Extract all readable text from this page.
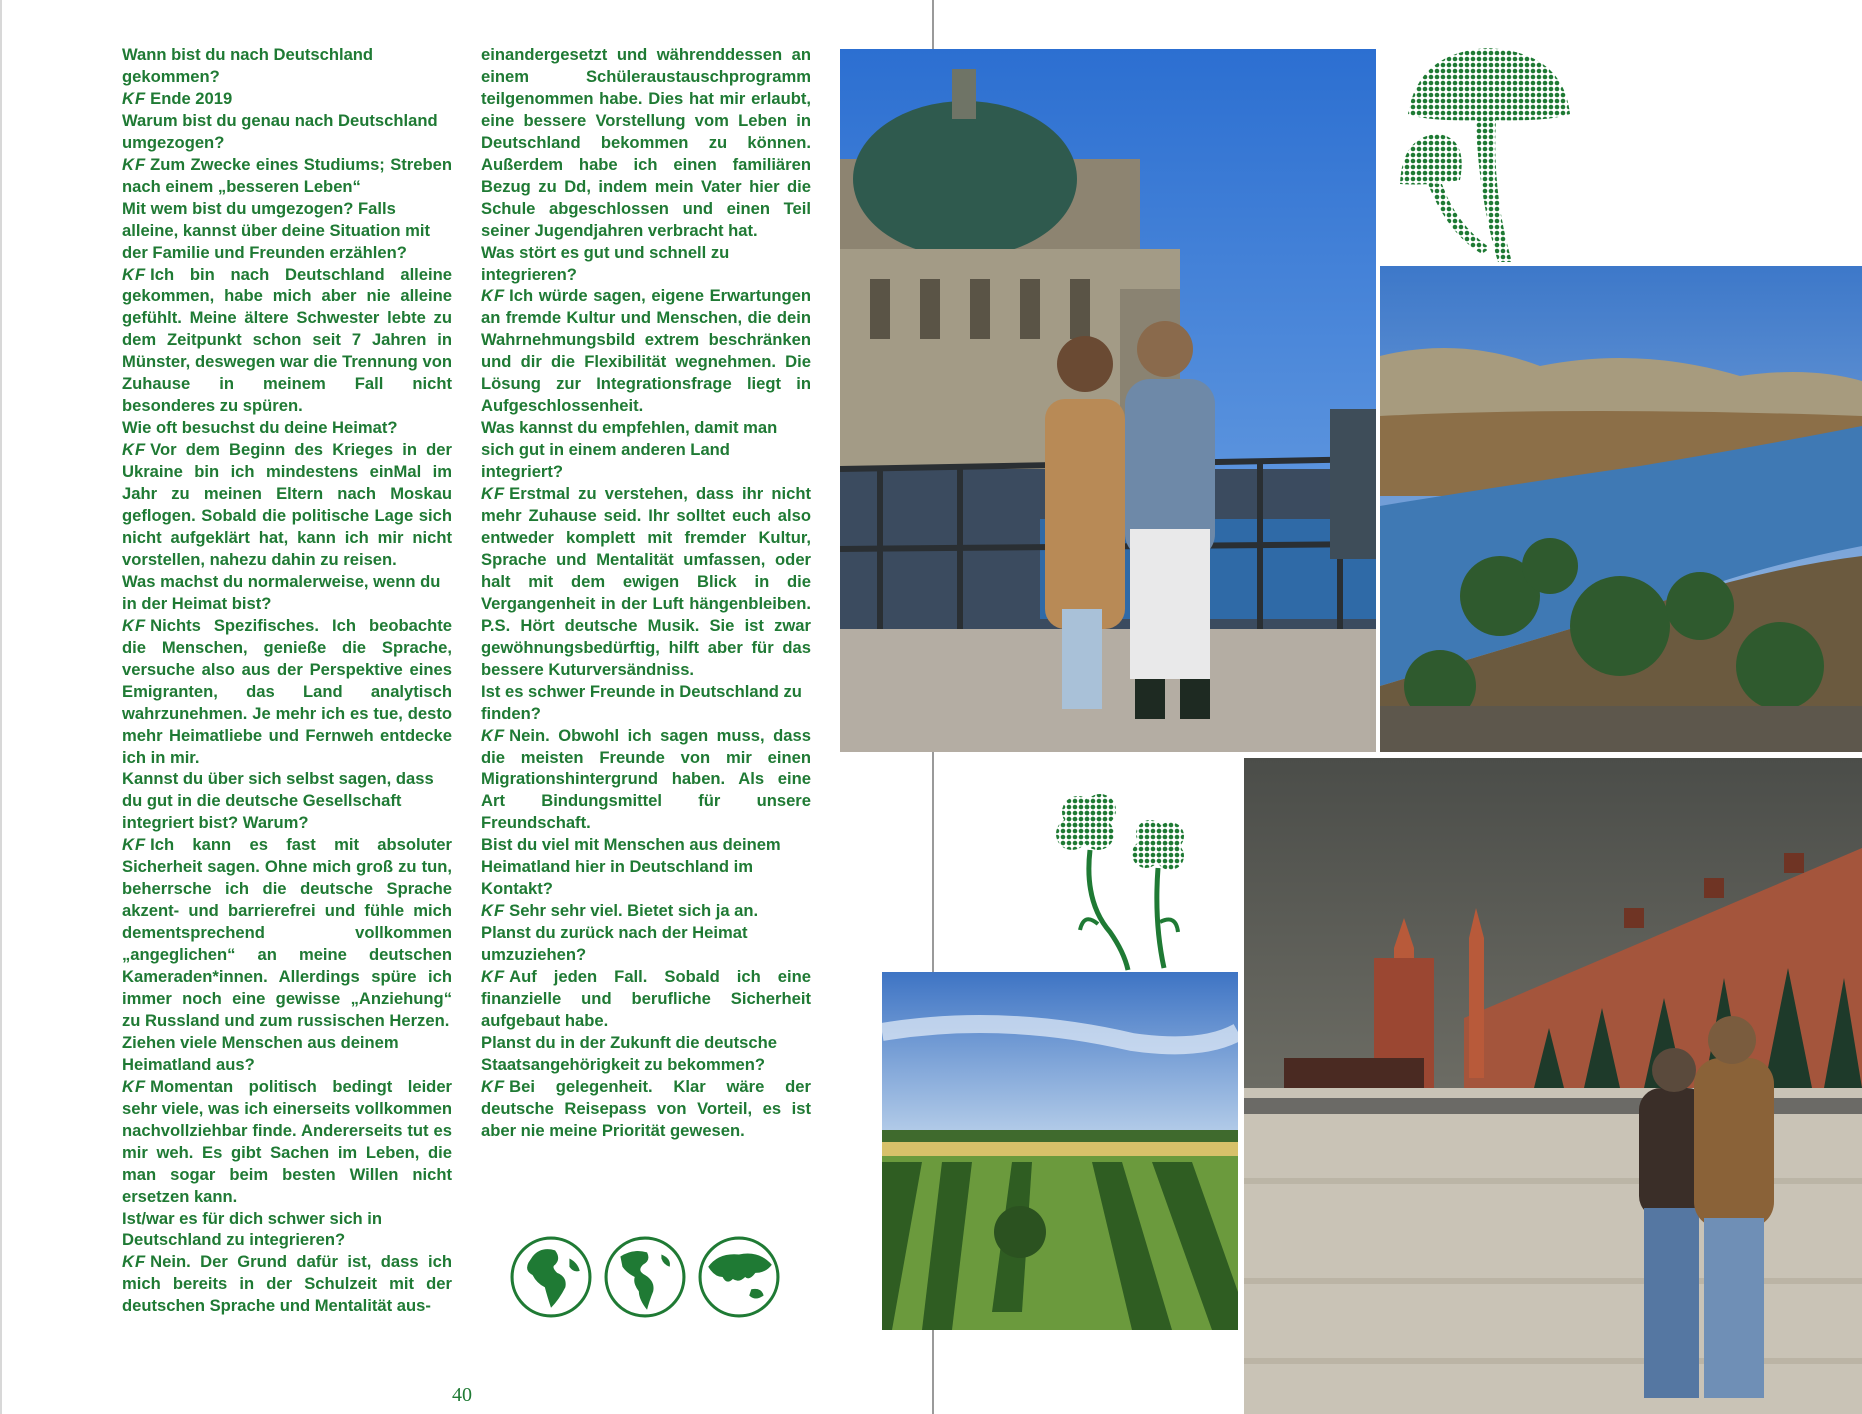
Wann bist du nach Deutschland gekommen?

KF Ende 2019

Warum bist du genau nach Deutschland umgezogen?

KF Zum Zwecke eines Studiums; Streben nach einem „besseren Leben“

Mit wem bist du umgezogen? Falls alleine, kannst über deine Situation mit der Familie und Freunden erzählen?

KF Ich bin nach Deutschland alleine gekommen, habe mich aber nie alleine gefühlt. Meine ältere Schwester lebte zu dem Zeitpunkt schon seit 7 Jahren in Münster, deswegen war die Trennung von Zuhause in meinem Fall nicht besonderes zu spüren.

Wie oft besuchst du deine Heimat?

KF Vor dem Beginn des Krieges in der Ukraine bin ich mindestens einMal im Jahr zu meinen Eltern nach Moskau geflogen. Sobald die politische Lage sich nicht aufgeklärt hat, kann ich mir nicht vorstellen, nahezu dahin zu reisen.

Was machst du normalerweise, wenn du in der Heimat bist?

KF Nichts Spezifisches. Ich beobachte die Menschen, genieße die Sprache, versuche also aus der Perspektive eines Emigranten, das Land analytisch wahrzunehmen. Je mehr ich es tue, desto mehr Heimatliebe und Fernweh entdecke ich in mir.

Kannst du über sich selbst sagen, dass du gut in die deutsche Gesellschaft integriert bist? Warum?

KF Ich kann es fast mit absoluter Sicherheit sagen. Ohne mich groß zu tun, beherrsche ich die deutsche Sprache akzent- und barrierefrei und fühle mich dementsprechend vollkommen „angeglichen“ an meine deutschen Kameraden*innen. Allerdings spüre ich immer noch eine gewisse „Anziehung“ zu Russland und zum russischen Herzen.

Ziehen viele Menschen aus deinem Heimatland aus?

KF Momentan politisch bedingt leider sehr viele, was ich einerseits vollkommen nachvollziehbar finde. Andererseits tut es mir weh. Es gibt Sachen im Leben, die man sogar beim besten Willen nicht ersetzen kann.

Ist/war es für dich schwer sich in Deutschland zu integrieren?

KF Nein. Der Grund dafür ist, dass ich mich bereits in der Schulzeit mit der deutschen Sprache und Mentalität aus-

einandergesetzt und währenddessen an einem Schüleraustauschprogramm teilgenommen habe. Dies hat mir erlaubt, eine bessere Vorstellung vom Leben in Deutschland bekommen zu können. Außerdem habe ich einen familiären Bezug zu Dd, indem mein Vater hier die Schule abgeschlossen und einen Teil seiner Jugendjahren verbracht hat.

Was stört es gut und schnell zu integrieren?

KF Ich würde sagen, eigene Erwartungen an fremde Kultur und Menschen, die dein Wahrnehmungsbild extrem beschränken und dir die Flexibilität wegnehmen. Die Lösung zur Integrationsfrage liegt in Aufgeschlossenheit.

Was kannst du empfehlen, damit man sich gut in einem anderen Land integriert?

KF Erstmal zu verstehen, dass ihr nicht mehr Zuhause seid. Ihr solltet euch also entweder komplett mit fremder Kultur, Sprache und Mentalität umfassen, oder halt mit dem ewigen Blick in die Vergangenheit in der Luft hängenbleiben. P.S. Hört deutsche Musik. Sie ist zwar gewöhnungsbedürftig, hilft aber für das bessere Kuturversändniss.

Ist es schwer Freunde in Deutschland zu finden?

KF Nein. Obwohl ich sagen muss, dass die meisten Freunde von mir einen Migrationshintergrund haben. Als eine Art Bindungsmittel für unsere Freundschaft.

Bist du viel mit Menschen aus deinem Heimatland hier in Deutschland im Kontakt?

KF Sehr sehr viel. Bietet sich ja an.

Planst du zurück nach der Heimat umzuziehen?

KF Auf jeden Fall. Sobald ich eine finanzielle und berufliche Sicherheit aufgebaut habe.

Planst du in der Zukunft die deutsche Staatsangehörigkeit zu bekommen?

KF Bei gelegenheit. Klar wäre der deutsche Reisepass von Vorteil, es ist aber nie meine Priorität gewesen.

40
